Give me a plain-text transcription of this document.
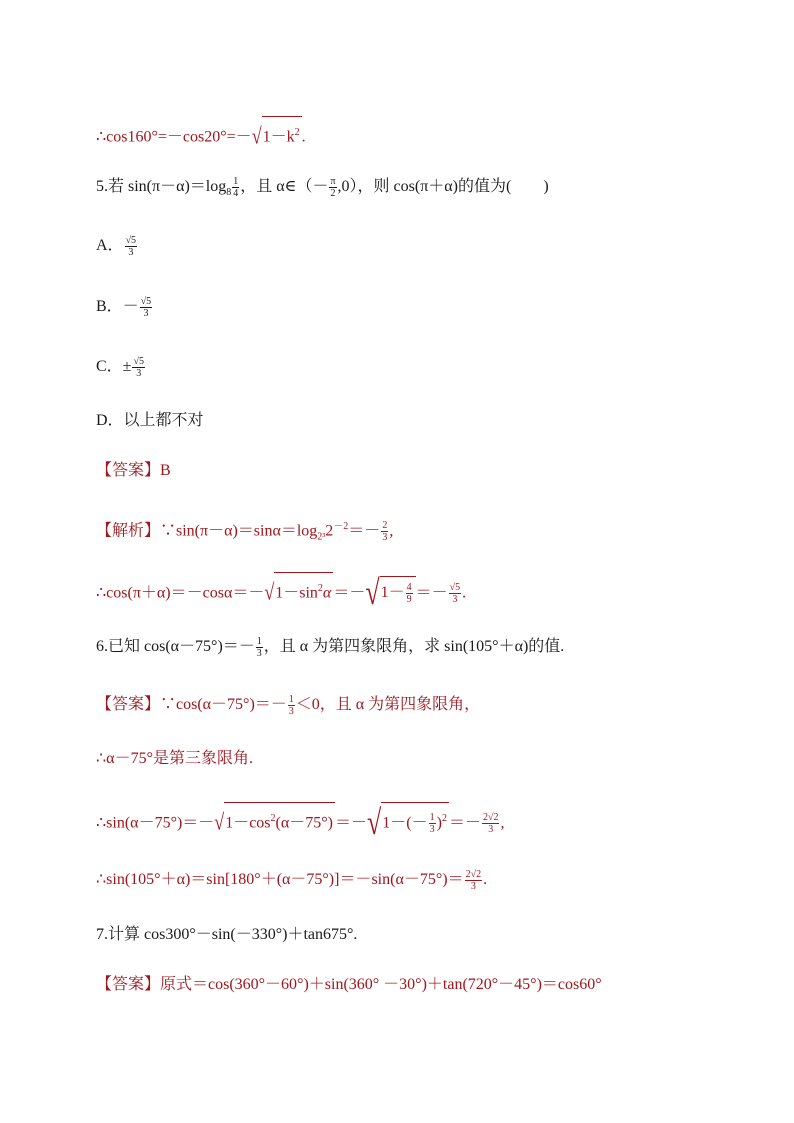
$\therefore\cos 160^\circ=-\cos 20^\circ=-√1-k^2$ .
5.若 $\sin(\pi-\alpha)=\log_8 \frac{1}{4}$ ，且 α∈（－ $\frac{\pi}{2} ,0$），则 cos(π＋α)的值为(　　)
A． $\frac{√5}{3}$
B．－ $\frac{√5}{3}$
C．± $\frac{√5}{3}$
D．以上都不对
【答案】B
【解析】$\because\sin(\pi-\alpha)=\sin\alpha=\log_{2^3}2^{-2}=- \frac{2}{3}$ ,
$\therefore\cos(\pi+\alpha)=-\cos\alpha=-√1-\sin^2\alpha =-√1- \frac{4}{9} =- \frac{√5}{3}$ .
6.已知 $\cos(\alpha-75^\circ)=- \frac{1}{3}$ ，且 α 为第四象限角，求 sin(105°＋α)的值.
【答案】∵cos(α－75°)＝－ $\frac{1}{3} <0$，且 α 为第四象限角，
∴α－75°是第三象限角.
$\therefore\sin(\alpha-75^\circ)=-√1-\cos^2(\alpha-75^\circ) =-√1-(- \frac{1}{3} )^2 =- \frac{2√2}{3}$ ,
∴sin(105°＋α)＝sin[180°＋(α－75°)]＝－sin(α－75°)＝ $\frac{2√2}{3}$ .
7.计算 cos300°－sin(－330°)＋tan675°.
【答案】原式＝cos(360°－60°)＋sin(360° －30°)＋tan(720°－45°)＝cos60°
